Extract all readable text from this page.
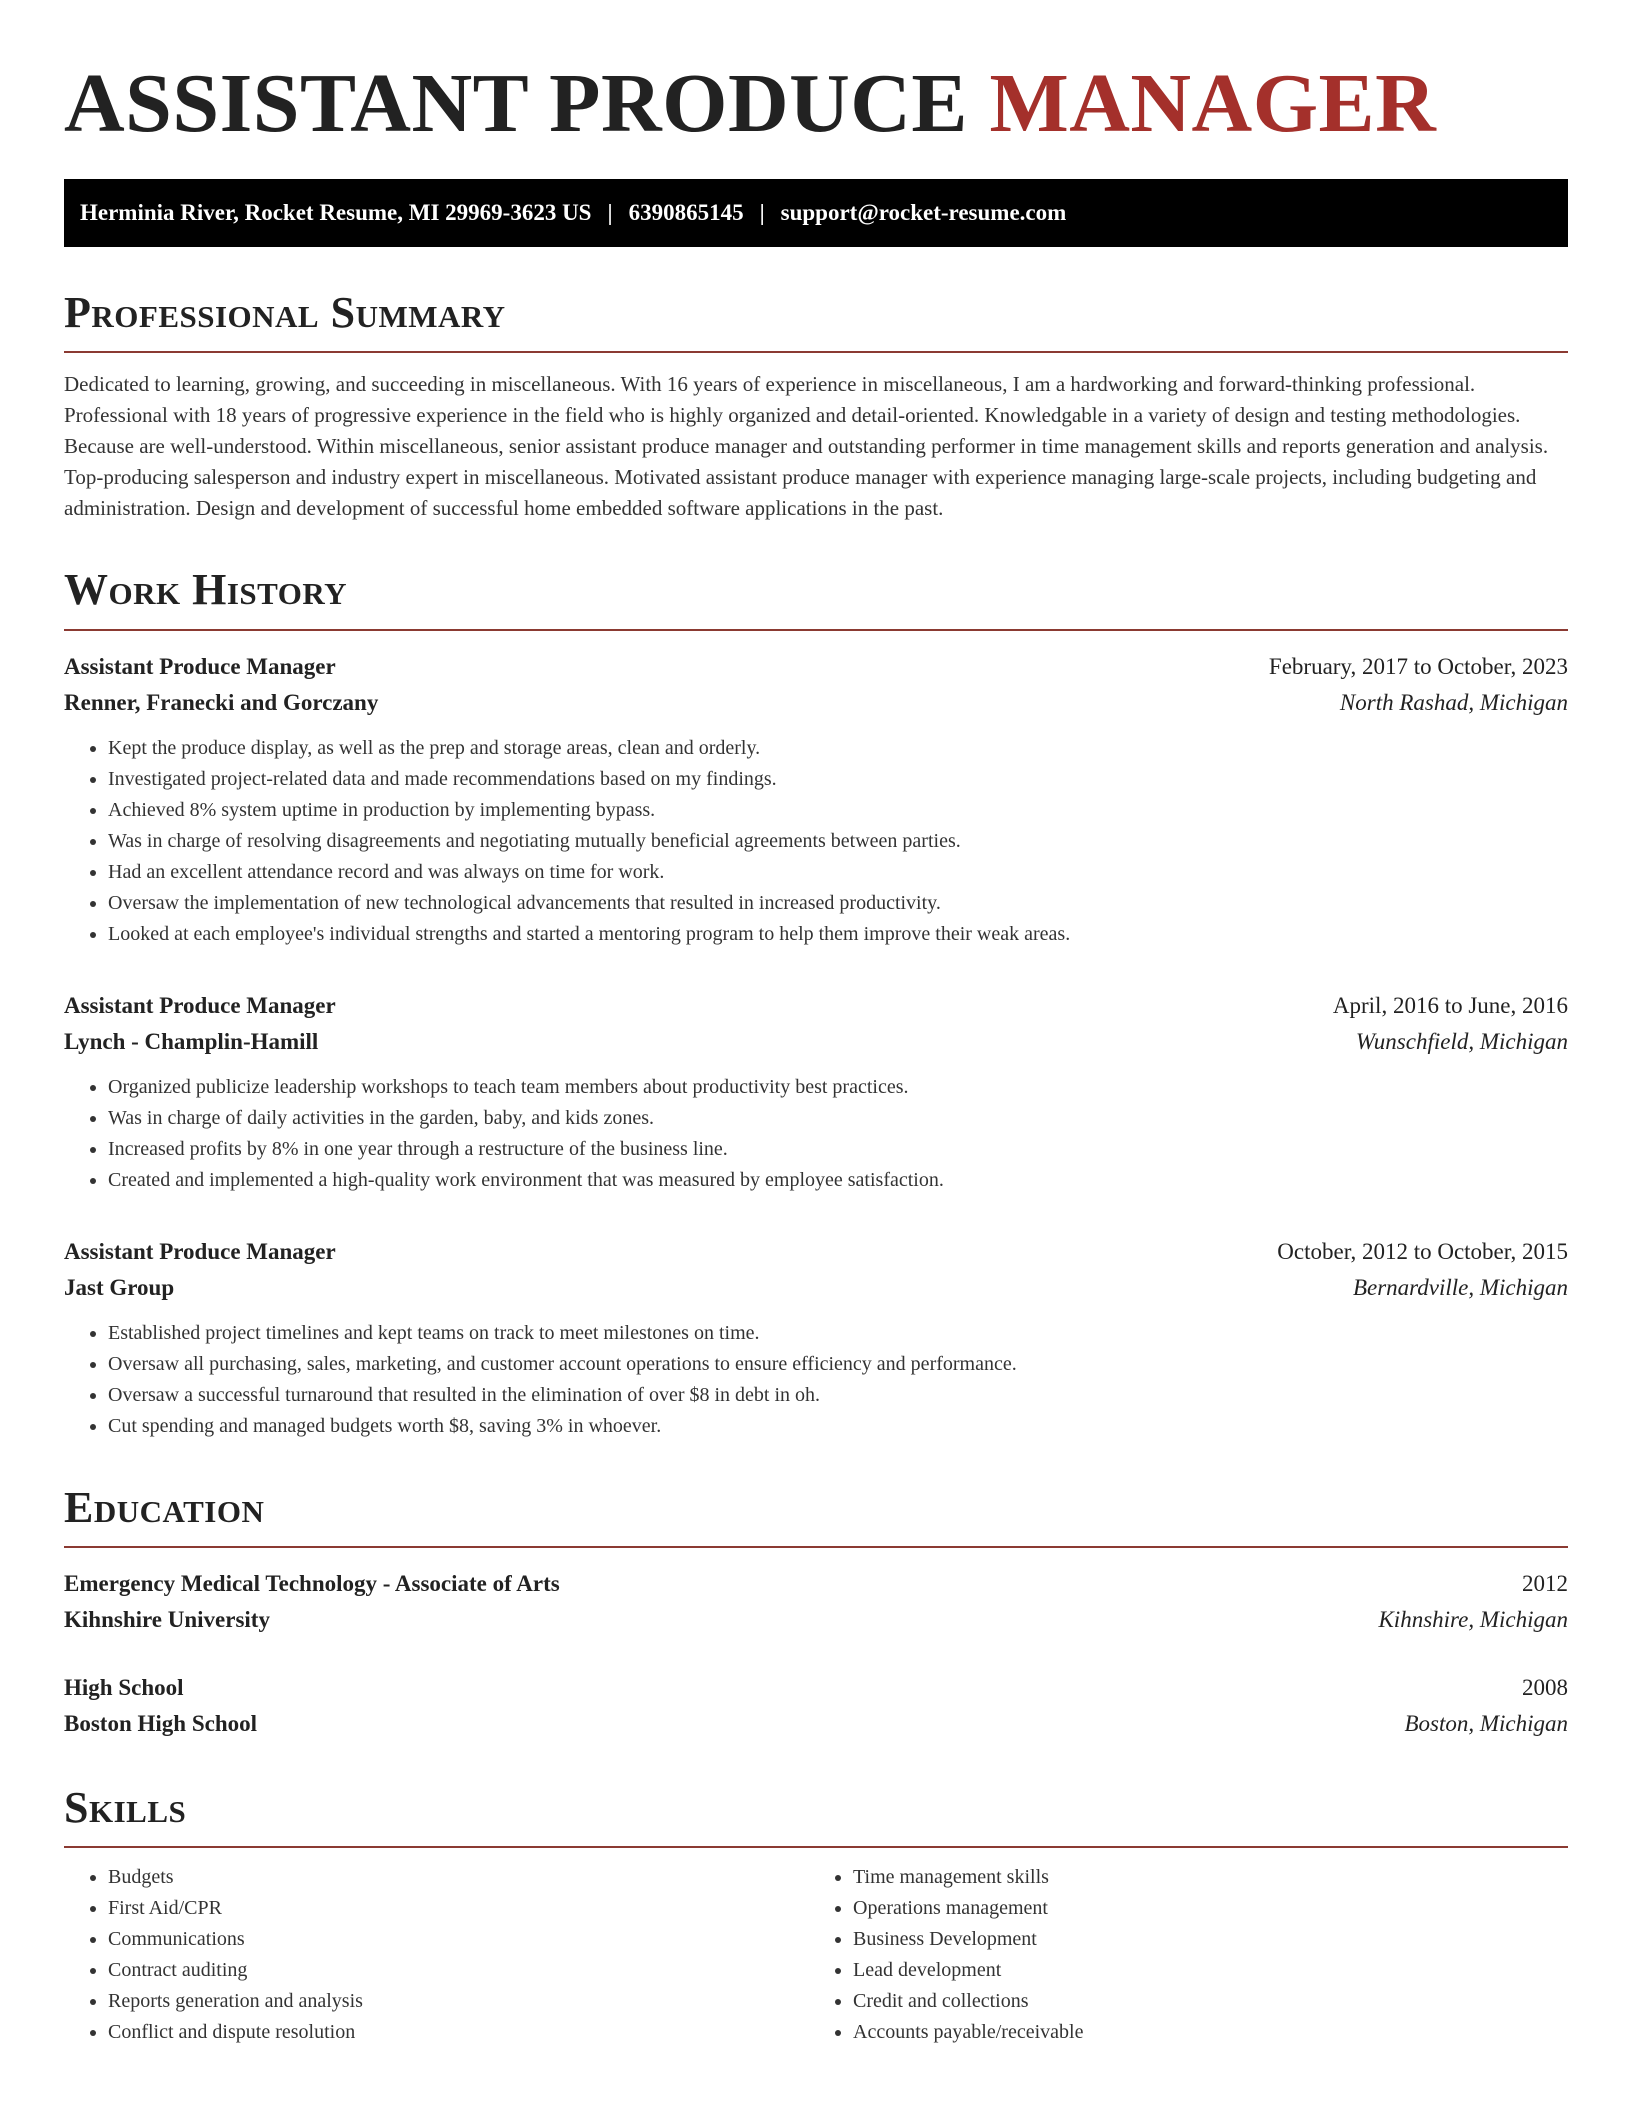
ASSISTANT PRODUCE MANAGER
Herminia River, Rocket Resume, MI 29969-3623 US | 6390865145 | support@rocket-resume.com
Professional Summary

Dedicated to learning, growing, and succeeding in miscellaneous. With 16 years of experience in miscellaneous, I am a hardworking and forward-thinking professional. Professional with 18 years of progressive experience in the field who is highly organized and detail-oriented. Knowledgable in a variety of design and testing methodologies. Because are well-understood. Within miscellaneous, senior assistant produce manager and outstanding performer in time management skills and reports generation and analysis. Top-producing salesperson and industry expert in miscellaneous. Motivated assistant produce manager with experience managing large-scale projects, including budgeting and administration. Design and development of successful home embedded software applications in the past.

Work History
Assistant Produce Manager	February, 2017 to October, 2023
Renner, Franecki and Gorczany	North Rashad, Michigan
• Kept the produce display, as well as the prep and storage areas, clean and orderly.
• Investigated project-related data and made recommendations based on my findings.
• Achieved 8% system uptime in production by implementing bypass.
• Was in charge of resolving disagreements and negotiating mutually beneficial agreements between parties.
• Had an excellent attendance record and was always on time for work.
• Oversaw the implementation of new technological advancements that resulted in increased productivity.
• Looked at each employee's individual strengths and started a mentoring program to help them improve their weak areas.
Assistant Produce Manager	April, 2016 to June, 2016
Lynch - Champlin-Hamill	Wunschfield, Michigan
• Organized publicize leadership workshops to teach team members about productivity best practices.
• Was in charge of daily activities in the garden, baby, and kids zones.
• Increased profits by 8% in one year through a restructure of the business line.
• Created and implemented a high-quality work environment that was measured by employee satisfaction.
Assistant Produce Manager	October, 2012 to October, 2015
Jast Group	Bernardville, Michigan
• Established project timelines and kept teams on track to meet milestones on time.
• Oversaw all purchasing, sales, marketing, and customer account operations to ensure efficiency and performance.
• Oversaw a successful turnaround that resulted in the elimination of over $8 in debt in oh.
• Cut spending and managed budgets worth $8, saving 3% in whoever.
Education
Emergency Medical Technology - Associate of Arts	2012
Kihnshire University	Kihnshire, Michigan
High School	2008
Boston High School	Boston, Michigan
Skills
• Budgets
• First Aid/CPR
• Communications
• Contract auditing
• Reports generation and analysis
• Conflict and dispute resolution
• Time management skills
• Operations management
• Business Development
• Lead development
• Credit and collections
• Accounts payable/receivable
